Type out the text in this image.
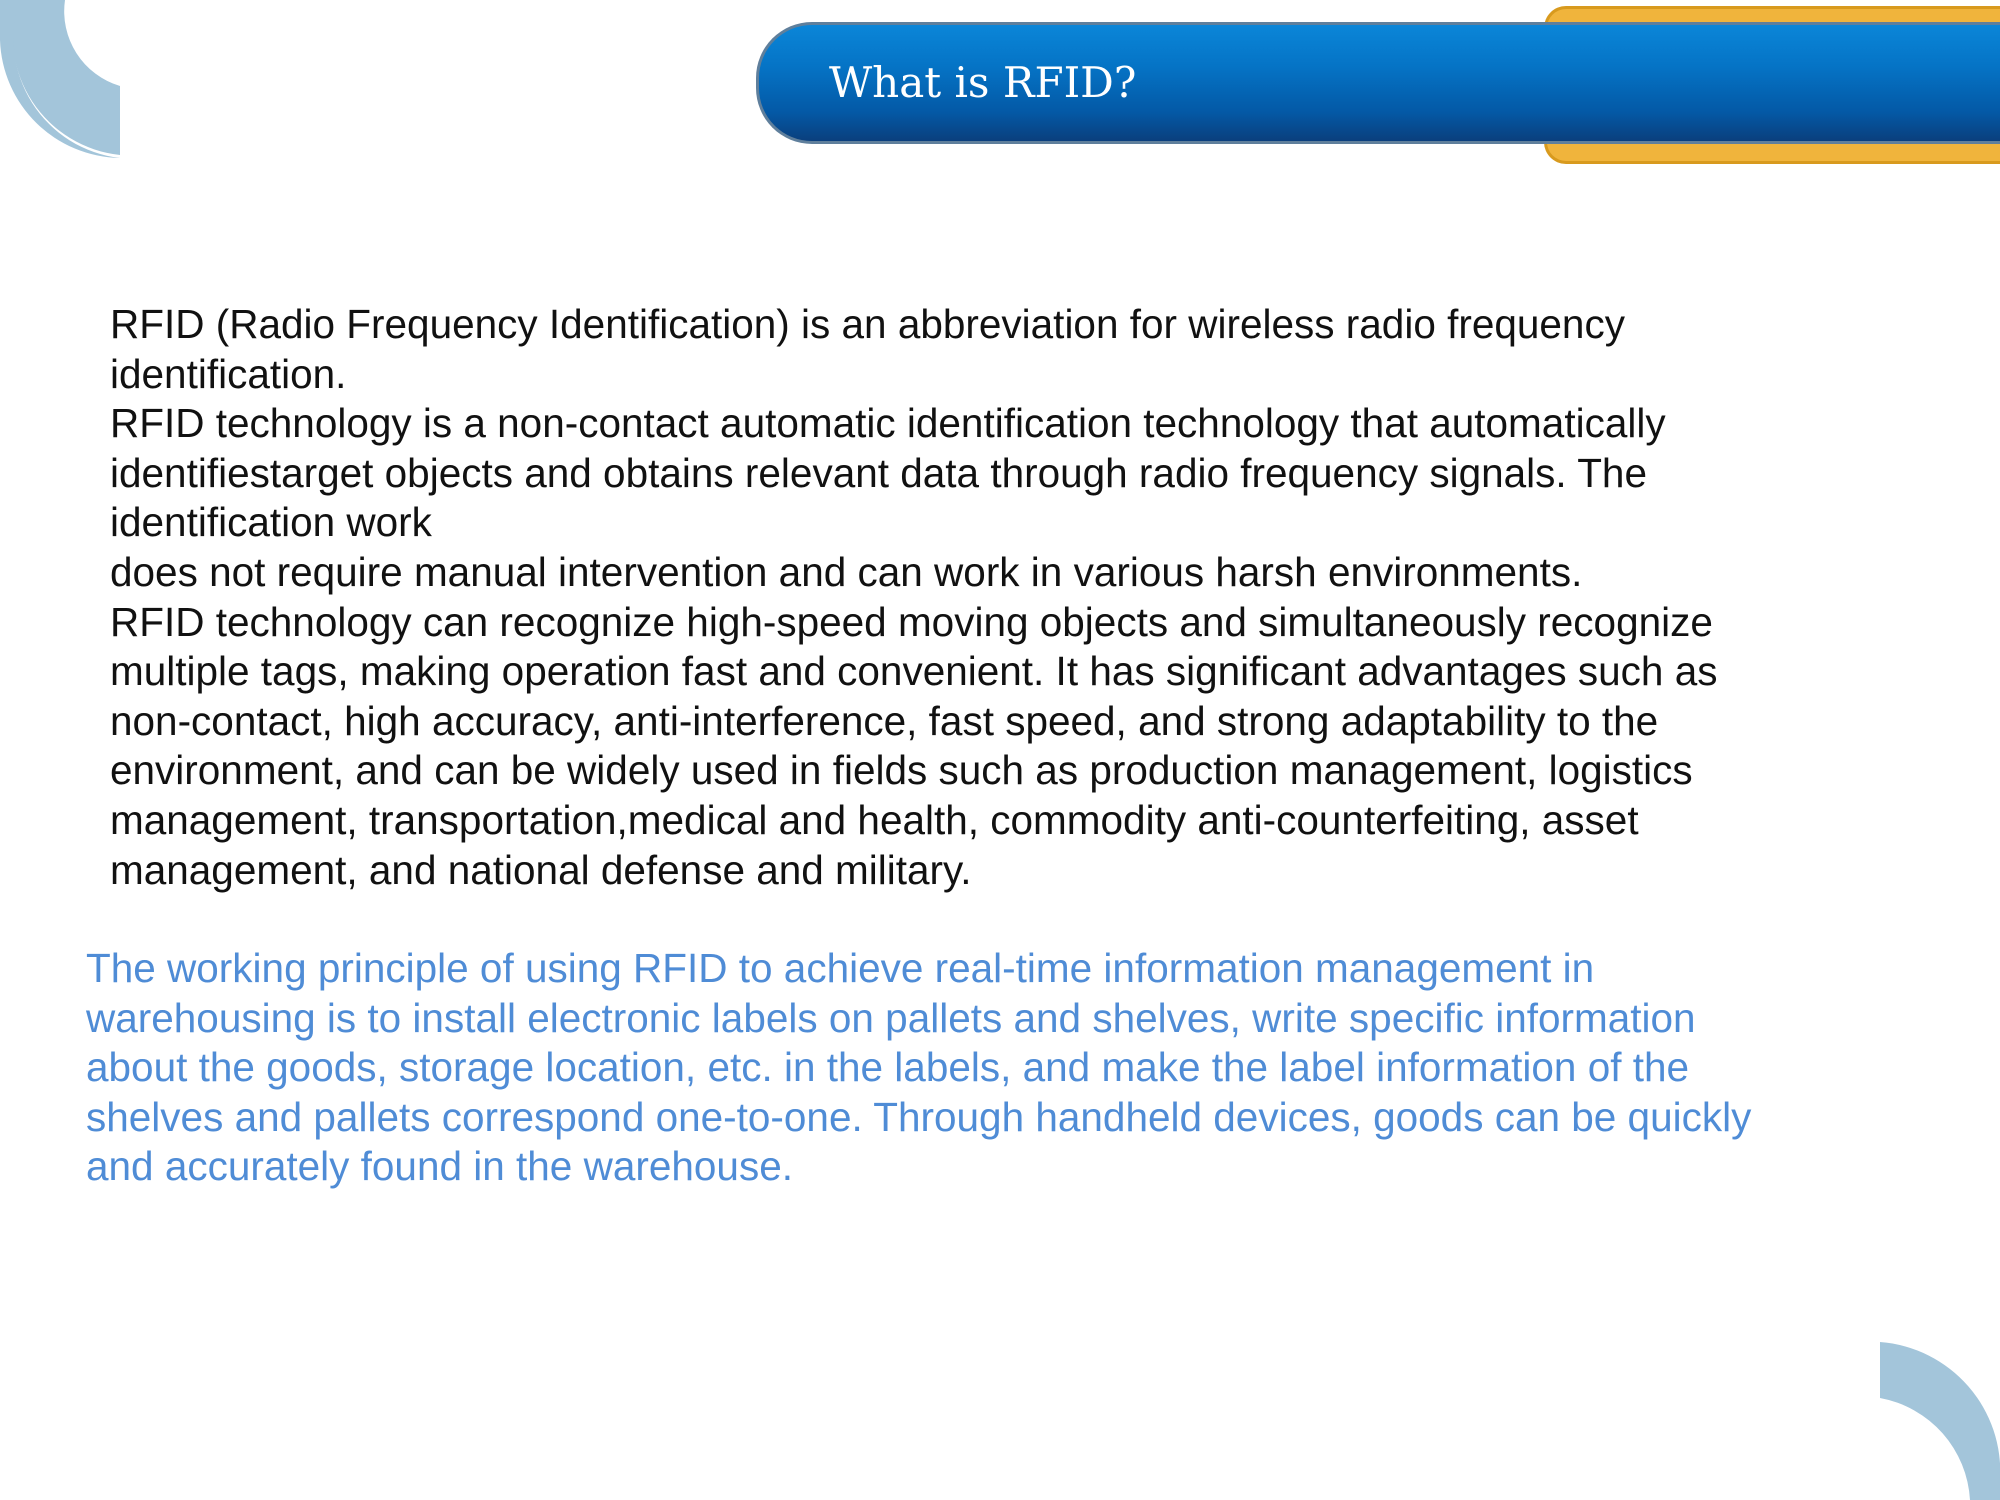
What is RFID?
RFID (Radio Frequency Identification) is an abbreviation for wireless radio frequency
identification.
RFID technology is a non-contact automatic identification technology that automatically
identifiestarget objects and obtains relevant data through radio frequency signals. The
identification work
does not require manual intervention and can work in various harsh environments.
RFID technology can recognize high-speed moving objects and simultaneously recognize
multiple tags, making operation fast and convenient. It has significant advantages such as
non-contact, high accuracy, anti-interference, fast speed, and strong adaptability to the
environment, and can be widely used in fields such as production management, logistics
management, transportation,medical and health, commodity anti-counterfeiting, asset
management, and national defense and military.
The working principle of using RFID to achieve real-time information management in
warehousing is to install electronic labels on pallets and shelves, write specific information
about the goods, storage location, etc. in the labels, and make the label information of the
shelves and pallets correspond one-to-one. Through handheld devices, goods can be quickly
and accurately found in the warehouse.
